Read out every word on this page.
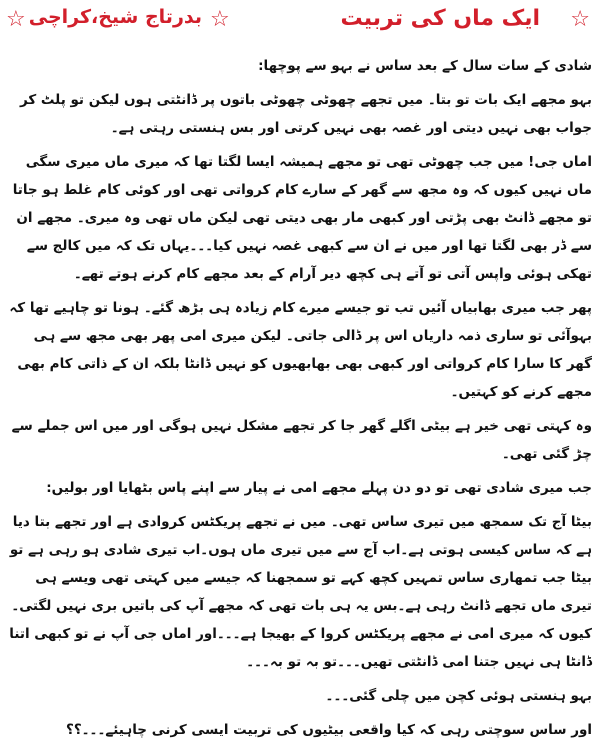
☆
ایک ماں کی تربیت
☆
بدرتاج شیخ،کراچی
☆

شادی کے سات سال کے بعد ساس نے بہو سے پوچھا:

بہو مجھے ایک بات تو بتا۔ میں تجھے چھوٹی چھوٹی باتوں پر ڈانٹتی ہوں لیکن تو پلٹ کر جواب بھی نہیں دیتی اور غصہ بھی نہیں کرتی اور بس ہنستی رہتی ہے۔

اماں جی! میں جب چھوٹی تھی تو مجھے ہمیشہ ایسا لگتا تھا کہ میری ماں میری سگی ماں نہیں کیوں کہ وہ مجھ سے گھر کے سارے کام کرواتی تھی اور کوئی کام غلط ہو جاتا تو مجھے ڈانٹ بھی پڑتی اور کبھی مار بھی دیتی تھی لیکن ماں تھی وہ میری۔ مجھے ان سے ڈر بھی لگتا تھا اور میں نے ان سے کبھی غصہ نہیں کیا۔۔۔یہاں تک کہ میں کالج سے تھکی ہوئی واپس آتی تو آتے ہی کچھ دیر آرام کے بعد مجھے کام کرنے ہوتے تھے۔

پھر جب میری بھابیاں آئیں تب تو جیسے میرے کام زیادہ ہی بڑھ گئے۔ ہونا تو چاہیے تھا کہ بہوآئی تو ساری ذمہ داریاں اس پر ڈالی جاتی۔ لیکن میری امی پھر بھی مجھ سے ہی گھر کا سارا کام کرواتی اور کبھی بھی بھابھیوں کو نہیں ڈانٹا بلکہ ان کے ذاتی کام بھی مجھے کرنے کو کہتیں۔

وہ کہتی تھی خیر ہے بیٹی اگلے گھر جا کر تجھے مشکل نہیں ہوگی اور میں اس جملے سے چڑ گئی تھی۔

جب میری شادی تھی تو دو دن پہلے مجھے امی نے پیار سے اپنے پاس بٹھایا اور بولیں:

بیٹا آج تک سمجھ میں تیری ساس تھی۔ میں نے تجھے پریکٹس کروادی ہے اور تجھے بتا دیا ہے کہ ساس کیسی ہوتی ہے۔اب آج سے میں تیری ماں ہوں۔اب تیری شادی ہو رہی ہے تو بیٹا جب تمھاری ساس تمہیں کچھ کہے تو سمجھنا کہ جیسے میں کہتی تھی ویسے ہی تیری ماں تجھے ڈانٹ رہی ہے۔بس یہ ہی بات تھی کہ مجھے آپ کی باتیں بری نہیں لگتی۔ کیوں کہ میری امی نے مجھے پریکٹس کروا کے بھیجا ہے۔۔۔اور اماں جی آپ نے تو کبھی اتنا ڈانٹا ہی نہیں جتنا امی ڈانٹتی تھیں۔۔۔تو بہ تو بہ۔۔۔

بہو ہنستی ہوئی کچن میں چلی گئی۔۔۔

اور ساس سوچتی رہی کہ کیا واقعی بیٹیوں کی تربیت ایسی کرنی چاہیئے۔۔۔؟؟
